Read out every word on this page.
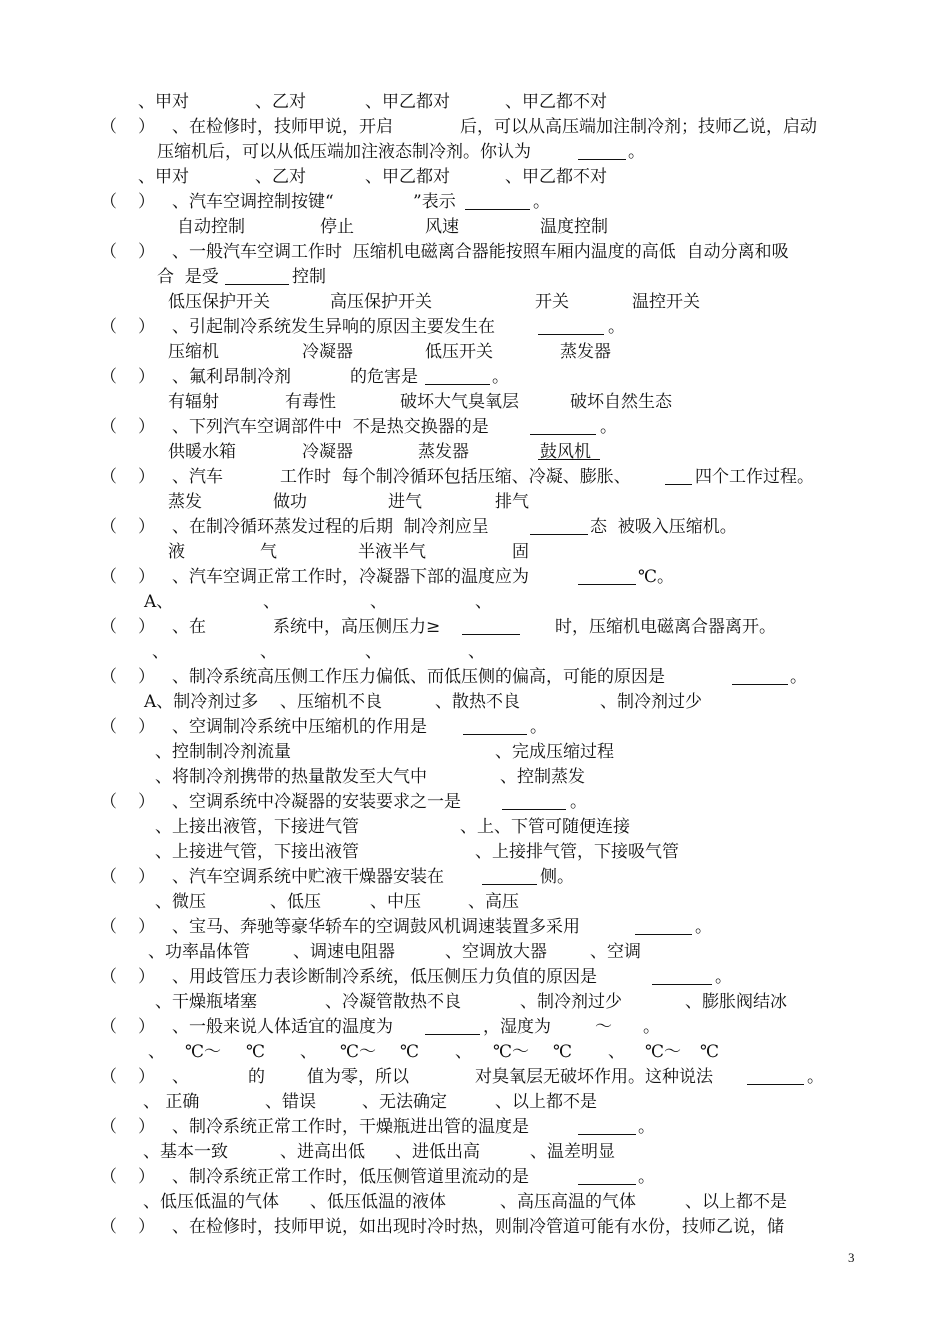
、甲对	、乙对	、甲乙都对	、甲乙都不对
（ ） 、在检修时，技师甲说，开启	后，可以从高压端加注制冷剂；技师乙说，启动
压缩机后，可以从低压端加注液态制冷剂。你认为	。
、甲对	、乙对	、甲乙都对	、甲乙都不对
（ ） 、汽车空调控制按键“	”表示	。
自动控制	停止	风速	温度控制
（ ） 、一般汽车空调工作时  压缩机电磁离合器能按照车厢内温度的高低  自动分离和吸
合  是受	控制
低压保护开关	高压保护开关	开关	温控开关
（ ） 、引起制冷系统发生异响的原因主要发生在	。
压缩机	冷凝器	低压开关	蒸发器
（ ） 、氟利昂制冷剂	的危害是	。
有辐射	有毒性	破坏大气臭氧层	破坏自然生态
（ ） 、下列汽车空调部件中  不是热交换器的是	。
供暖水箱	冷凝器	蒸发器	鼓风机
（ ） 、汽车	工作时  每个制冷循环包括压缩、冷凝、膨胀、	四个工作过程。
蒸发	做功	进气	排气
（ ） 、在制冷循环蒸发过程的后期  制冷剂应呈	态  被吸入压缩机。
液	气	半液半气	固
（ ） 、汽车空调正常工作时，冷凝器下部的温度应为	℃。
A、	、	、	、
（ ） 、在	系统中，高压侧压力≥	时，压缩机电磁离合器离开。
、	、	、	、
（ ） 、制冷系统高压侧工作压力偏低、而低压侧的偏高，可能的原因是	。
A、制冷剂过多 、压缩机不良	、散热不良	、制冷剂过少
（ ） 、空调制冷系统中压缩机的作用是	。
、控制制冷剂流量	、完成压缩过程
、将制冷剂携带的热量散发至大气中	、控制蒸发
（ ） 、空调系统中冷凝器的安装要求之一是	。
、上接出液管，下接进气管	、上、下管可随便连接
、上接进气管，下接出液管	、上接排气管，下接吸气管
（ ） 、汽车空调系统中贮液干燥器安装在	侧。
、微压	、低压	、中压	、高压
（ ） 、宝马、奔驰等豪华轿车的空调鼓风机调速装置多采用	。
、功率晶体管	、调速电阻器	、空调放大器	、空调
（ ） 、用歧管压力表诊断制冷系统，低压侧压力负值的原因是	。
、干燥瓶堵塞	、冷凝管散热不良	、制冷剂过少	、膨胀阀结冰
（ ） 、一般来说人体适宜的温度为	，湿度为	～ 。
、 ℃～ ℃ 、 ℃～ ℃ 、 ℃～ ℃ 、 ℃～ ℃
（ ） 、	的 值为零，所以	对臭氧层无破坏作用。这种说法	。
、 正确	、错误	、无法确定	、以上都不是
（ ） 、制冷系统正常工作时，干燥瓶进出管的温度是	。
、基本一致	、进高出低 、进低出高	、温差明显
（ ） 、制冷系统正常工作时，低压侧管道里流动的是	。
、低压低温的气体 、低压低温的液体	、高压高温的气体	、以上都不是
（ ） 、在检修时，技师甲说，如出现时冷时热，则制冷管道可能有水份，技师乙说，储
3
